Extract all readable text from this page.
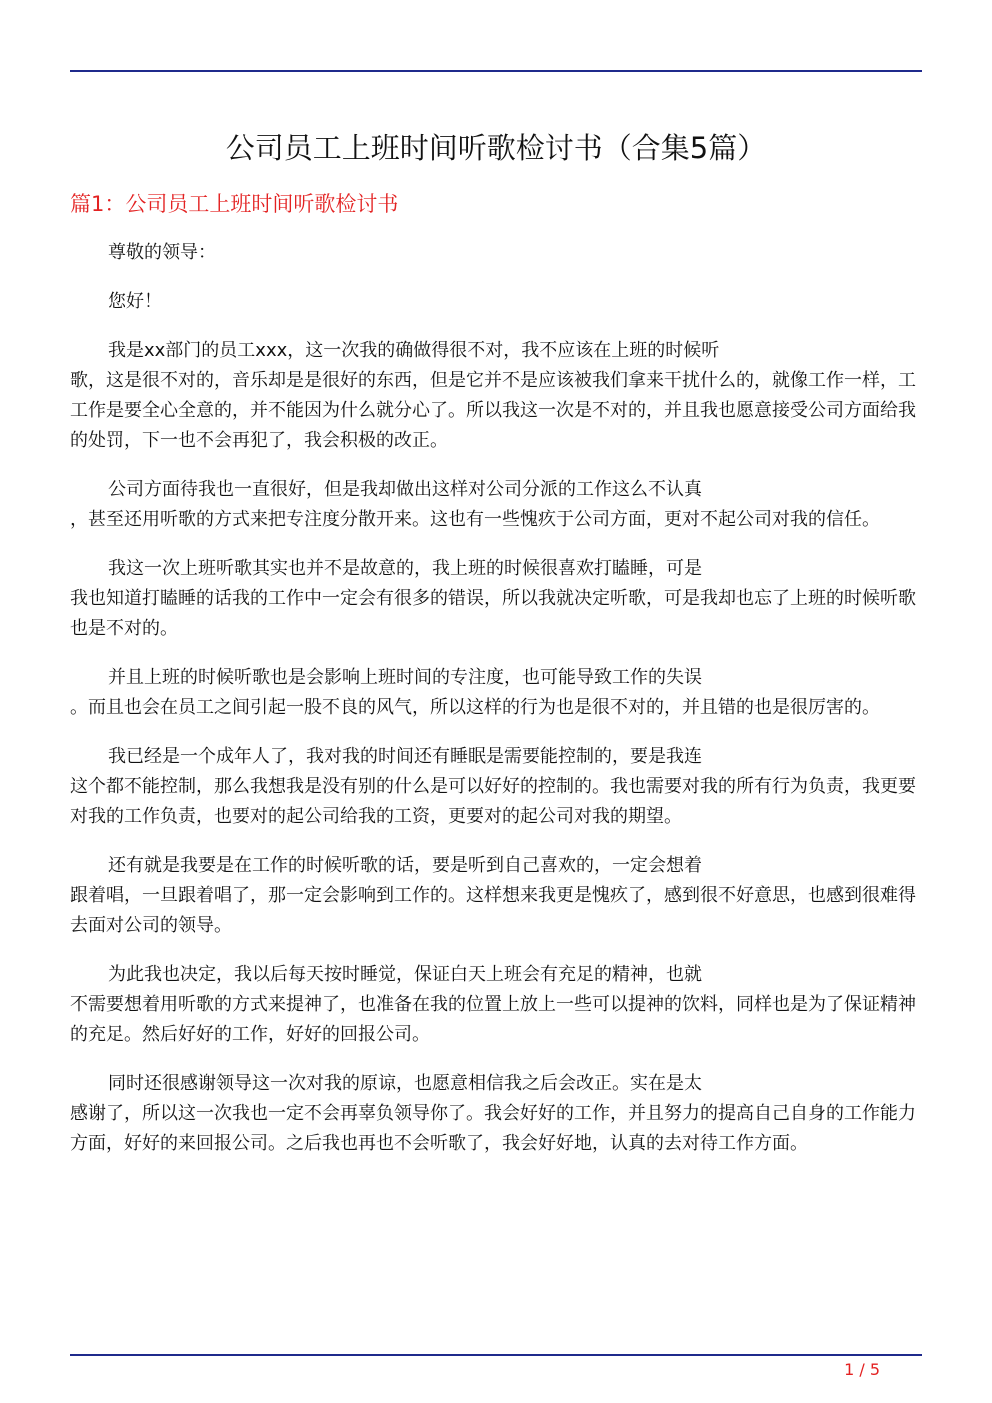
公司员工上班时间听歌检讨书（合集5篇）
篇1：公司员工上班时间听歌检讨书

尊敬的领导：

您好！

我是xx部门的员工xxx，这一次我的确做得很不对，我不应该在上班的时候听
歌，这是很不对的，音乐却是是很好的东西，但是它并不是应该被我们拿来干扰什么的，就像工作一样，工工作是要全心全意的，并不能因为什么就分心了。所以我这一次是不对的，并且我也愿意接受公司方面给我的处罚，下一也不会再犯了，我会积极的改正。

公司方面待我也一直很好，但是我却做出这样对公司分派的工作这么不认真
，甚至还用听歌的方式来把专注度分散开来。这也有一些愧疚于公司方面，更对不起公司对我的信任。

我这一次上班听歌其实也并不是故意的，我上班的时候很喜欢打瞌睡，可是
我也知道打瞌睡的话我的工作中一定会有很多的错误，所以我就决定听歌，可是我却也忘了上班的时候听歌也是不对的。

并且上班的时候听歌也是会影响上班时间的专注度，也可能导致工作的失误
。而且也会在员工之间引起一股不良的风气，所以这样的行为也是很不对的，并且错的也是很厉害的。

我已经是一个成年人了，我对我的时间还有睡眠是需要能控制的，要是我连
这个都不能控制，那么我想我是没有别的什么是可以好好的控制的。我也需要对我的所有行为负责，我更要对我的工作负责，也要对的起公司给我的工资，更要对的起公司对我的期望。

还有就是我要是在工作的时候听歌的话，要是听到自己喜欢的，一定会想着
跟着唱，一旦跟着唱了，那一定会影响到工作的。这样想来我更是愧疚了，感到很不好意思，也感到很难得去面对公司的领导。

为此我也决定，我以后每天按时睡觉，保证白天上班会有充足的精神，也就
不需要想着用听歌的方式来提神了，也准备在我的位置上放上一些可以提神的饮料，同样也是为了保证精神的充足。然后好好的工作，好好的回报公司。

同时还很感谢领导这一次对我的原谅，也愿意相信我之后会改正。实在是太
感谢了，所以这一次我也一定不会再辜负领导你了。我会好好的工作，并且努力的提高自己自身的工作能力方面，好好的来回报公司。之后我也再也不会听歌了，我会好好地，认真的去对待工作方面。

1 / 5
